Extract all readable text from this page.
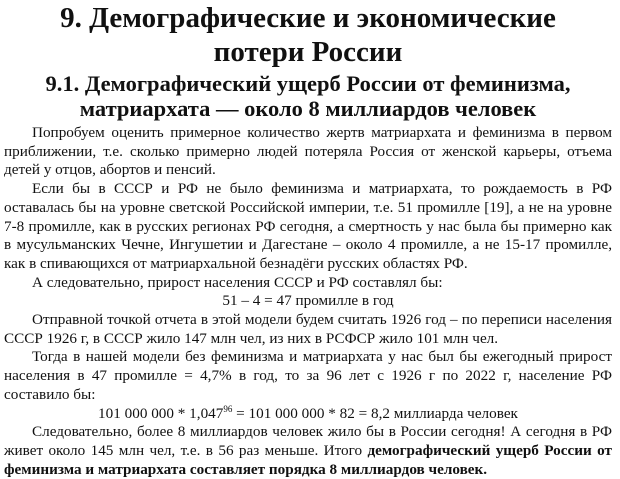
9. Демографические и экономические
потери России
9.1. Демографический ущерб России от феминизма,
матриархата — около 8 миллиардов человек

Попробуем оценить примерное количество жертв матриархата и феминизма в первом приближении, т.е. сколько примерно людей потеряла Россия от женской карьеры, отъема детей у отцов, абортов и пенсий.

Если бы в СССР и РФ не было феминизма и матриархата, то рождаемость в РФ оставалась бы на уровне светской Российской империи, т.е. 51 промилле [19], а не на уровне 7-8 промилле, как в русских регионах РФ сегодня, а смертность у нас была бы примерно как в мусульманских Чечне, Ингушетии и Дагестане – около 4 промилле, а не 15-17 промилле, как в спивающихся от матриархальной безнадёги русских областях РФ.

А следовательно, прирост населения СССР и РФ составлял бы:

51 – 4 = 47 промилле в год

Отправной точкой отчета в этой модели будем считать 1926 год – по переписи населения СССР 1926 г, в СССР жило 147 млн чел, из них в РСФСР жило 101 млн чел.

Тогда в нашей модели без феминизма и матриархата у нас был бы ежегодный прирост населения в 47 промилле = 4,7% в год, то за 96 лет с 1926 г по 2022 г, население РФ составило бы:

101 000 $000 * 1,047^{96} = 101$ 000 000 * 82 = 8,2 миллиарда человек

Следовательно, более 8 миллиардов человек жило бы в России сегодня! А сегодня в РФ живет около 145 млн чел, т.е. в 56 раз меньше. Итого демографический ущерб России от феминизма и матриархата составляет порядка 8 миллиардов человек.
